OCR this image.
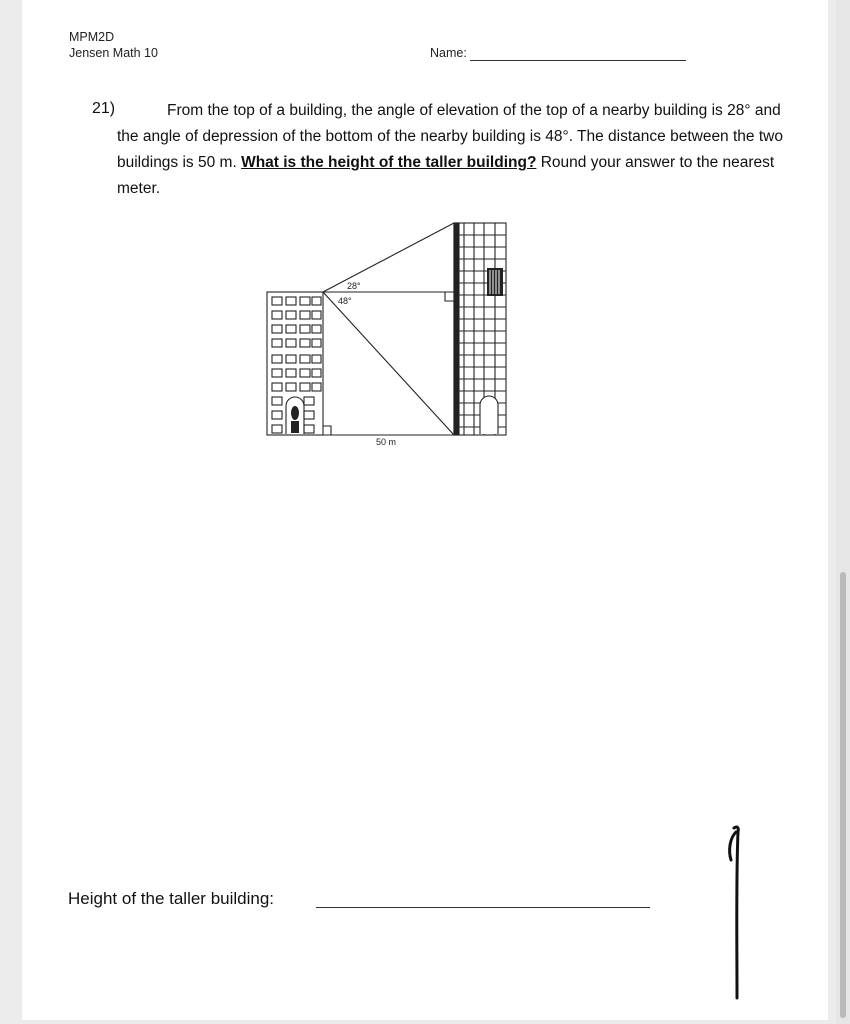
MPM2D
Jensen Math 10	Name:
21)	From the top of a building, the angle of elevation of the top of a nearby building is 28° and the angle of depression of the bottom of the nearby building is 48°. The distance between the two buildings is 50 m. What is the height of the taller building? Round your answer to the nearest meter.
28°
48°
50 m
Height of the taller building:
